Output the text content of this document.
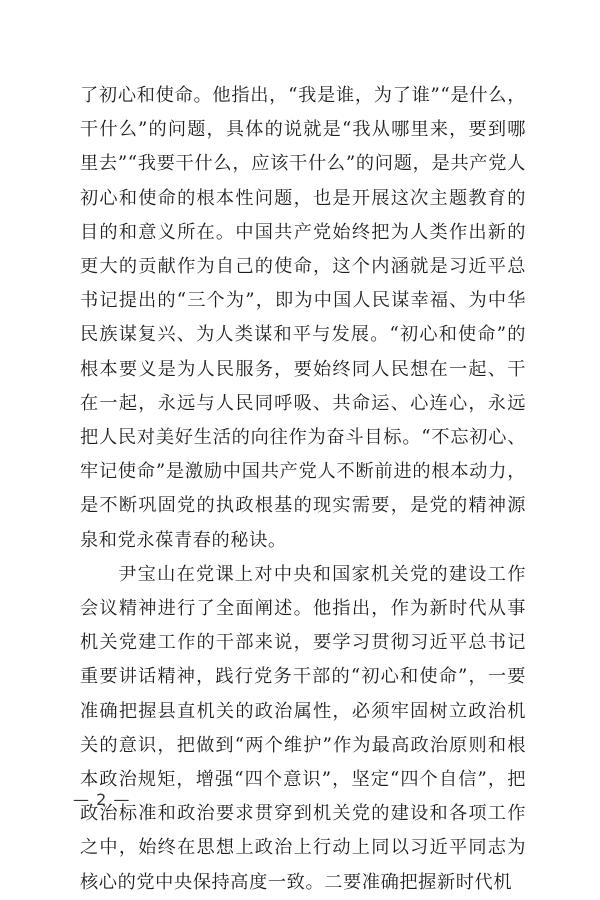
了初心和使命。他指出，“我是谁，为了谁”“是什么，干什么”的问题，具体的说就是“我从哪里来，要到哪里去”“我要干什么，应该干什么”的问题，是共产党人初心和使命的根本性问题，也是开展这次主题教育的目的和意义所在。中国共产党始终把为人类作出新的更大的贡献作为自己的使命，这个内涵就是习近平总书记提出的“三个为”，即为中国人民谋幸福、为中华民族谋复兴、为人类谋和平与发展。“初心和使命”的根本要义是为人民服务，要始终同人民想在一起、干在一起，永远与人民同呼吸、共命运、心连心，永远把人民对美好生活的向往作为奋斗目标。“不忘初心、牢记使命”是激励中国共产党人不断前进的根本动力，是不断巩固党的执政根基的现实需要，是党的精神源泉和党永葆青春的秘诀。

尹宝山在党课上对中央和国家机关党的建设工作会议精神进行了全面阐述。他指出，作为新时代从事机关党建工作的干部来说，要学习贯彻习近平总书记重要讲话精神，践行党务干部的“初心和使命”，一要准确把握县直机关的政治属性，必须牢固树立政治机关的意识，把做到“两个维护”作为最高政治原则和根本政治规矩，增强“四个意识”，坚定“四个自信”，把政治标准和政治要求贯穿到机关党的建设和各项工作之中，始终在思想上政治上行动上同以习近平同志为核心的党中央保持高度一致。二要准确把握新时代机

— 2 —
